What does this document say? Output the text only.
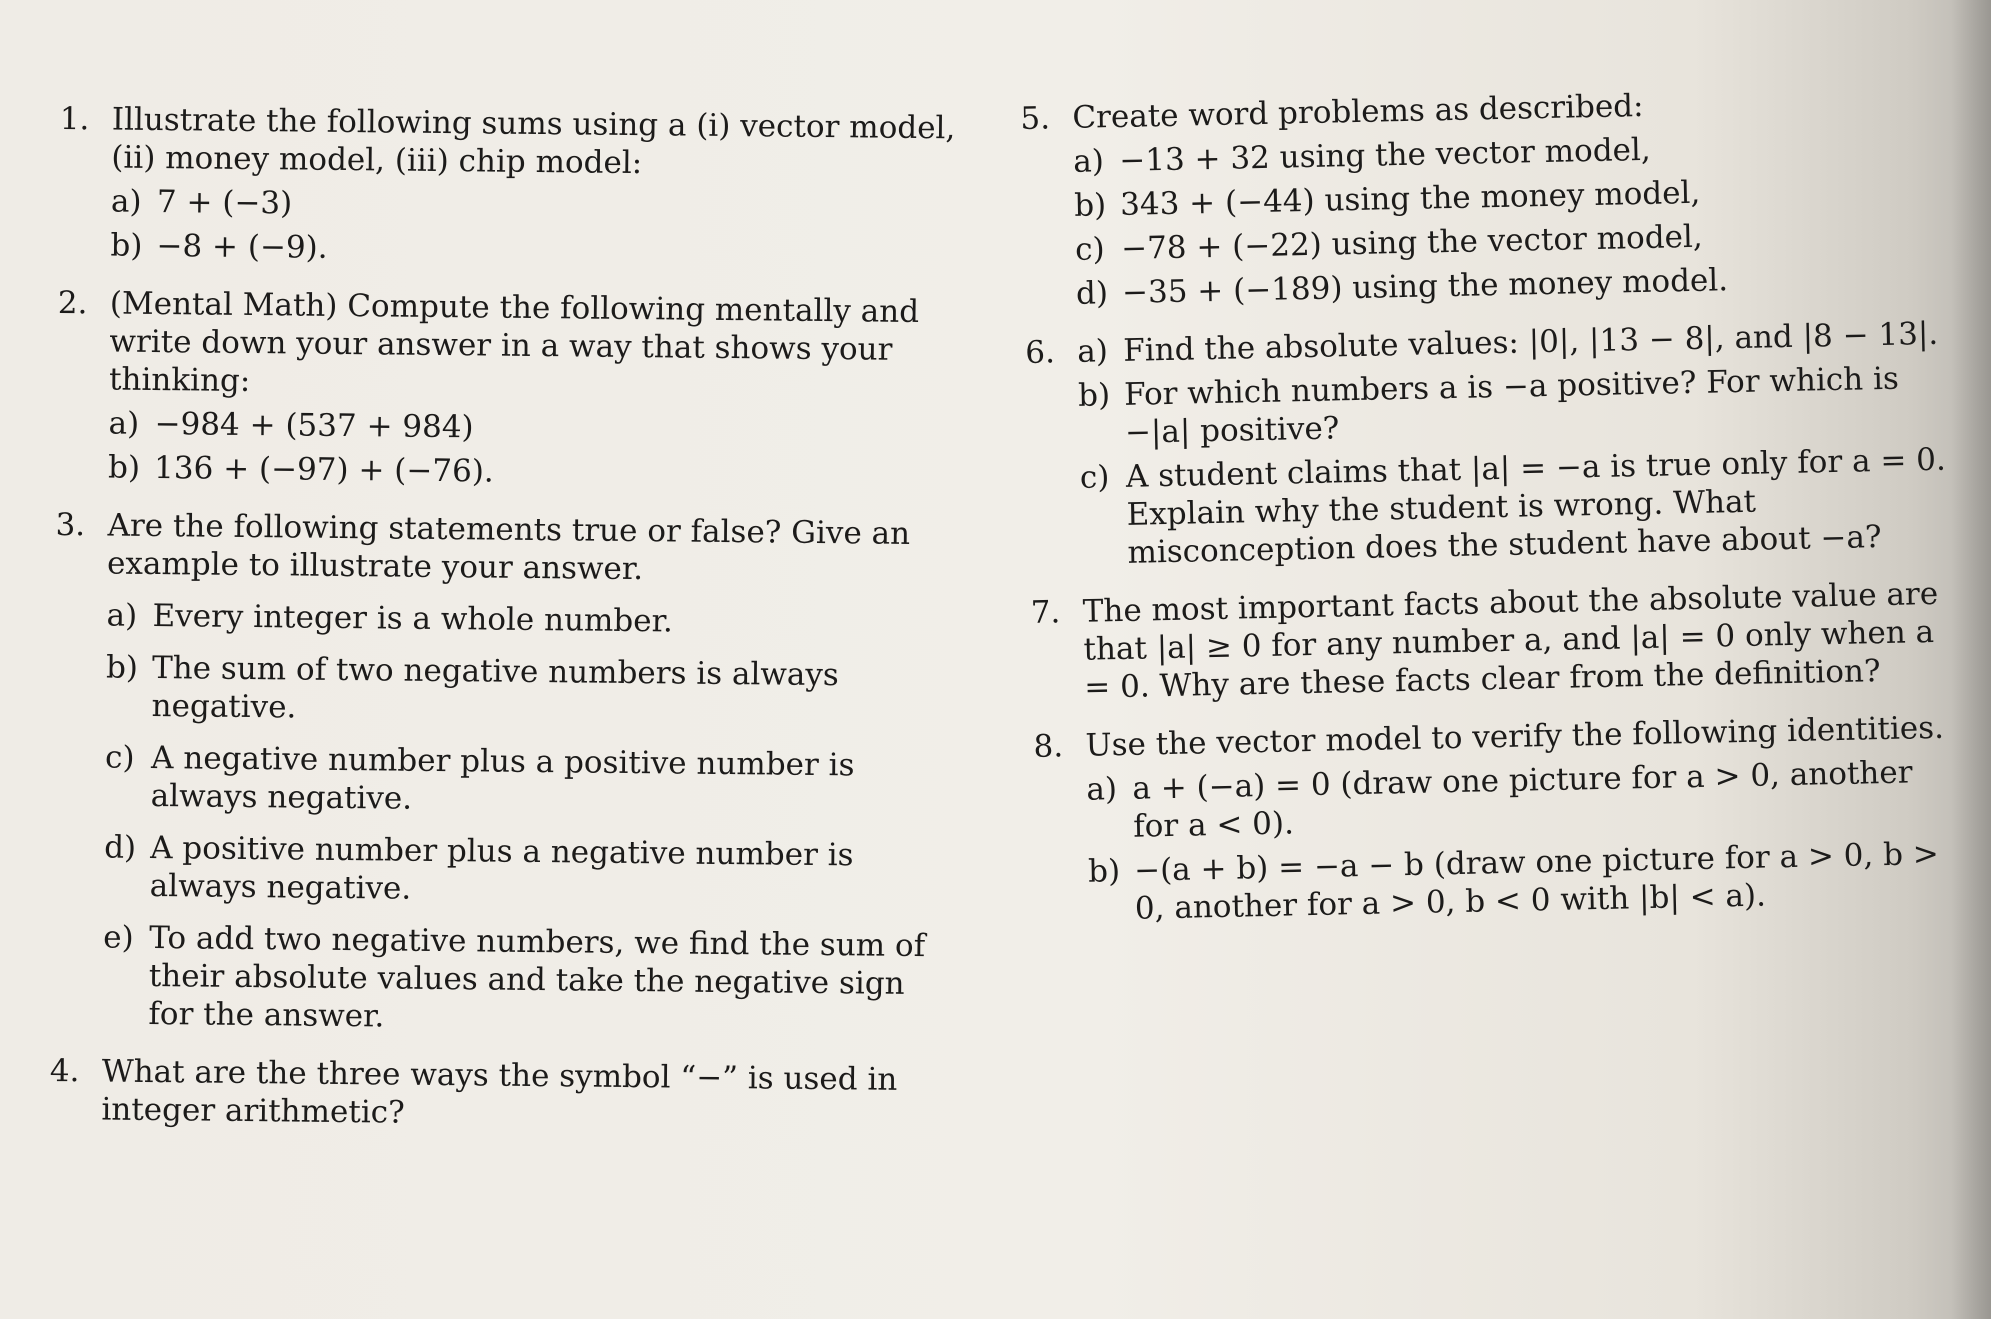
1. Illustrate the following sums using a (i) vector model, (ii) money model, (iii) chip model:
a) 7 + (−3)
b) −8 + (−9).
2. (Mental Math) Compute the following mentally and write down your answer in a way that shows your thinking:
a) −984 + (537 + 984)
b) 136 + (−97) + (−76).
3. Are the following statements true or false? Give an example to illustrate your answer.
a) Every integer is a whole number.
b) The sum of two negative numbers is always negative.
c) A negative number plus a positive number is always negative.
d) A positive number plus a negative number is always negative.
e) To add two negative numbers, we find the sum of their absolute values and take the negative sign for the answer.
4. What are the three ways the symbol “−” is used in integer arithmetic?
5. Create word problems as described:
a) −13 + 32 using the vector model,
b) 343 + (−44) using the money model,
c) −78 + (−22) using the vector model,
d) −35 + (−189) using the money model.
6. a) Find the absolute values: |0|, |13 − 8|, and |8 − 13|.
b) For which numbers a is −a positive? For which is −|a| positive?
c) A student claims that |a| = −a is true only for a = 0. Explain why the student is wrong. What misconception does the student have about −a?
7. The most important facts about the absolute value are that |a| ≥ 0 for any number a, and |a| = 0 only when a = 0. Why are these facts clear from the definition?
8. Use the vector model to verify the following identities.
a) a + (−a) = 0 (draw one picture for a > 0, another for a < 0).
b) −(a + b) = −a − b (draw one picture for a > 0, b > 0, another for a > 0, b < 0 with |b| < a).
